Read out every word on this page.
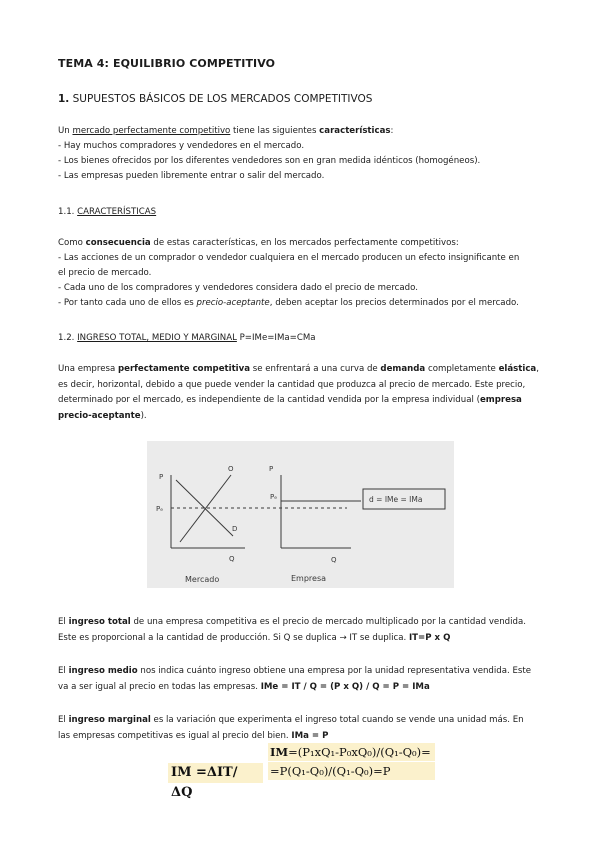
TEMA 4: EQUILIBRIO COMPETITIVO
1. SUPUESTOS BÁSICOS DE LOS MERCADOS COMPETITIVOS
Un mercado perfectamente competitivo tiene las siguientes características:
- Hay muchos compradores y vendedores en el mercado.
- Los bienes ofrecidos por los diferentes vendedores son en gran medida idénticos (homogéneos).
- Las empresas pueden libremente entrar o salir del mercado.
1.1. CARACTERÍSTICAS
Como consecuencia de estas características, en los mercados perfectamente competitivos:
- Las acciones de un comprador o vendedor cualquiera en el mercado producen un efecto insignificante en
el precio de mercado.
- Cada uno de los compradores y vendedores considera dado el precio de mercado.
- Por tanto cada uno de ellos es precio-aceptante, deben aceptar los precios determinados por el mercado.
1.2. INGRESO TOTAL, MEDIO Y MARGINAL P=IMe=IMa=CMa
Una empresa perfectamente competitiva se enfrentará a una curva de demanda completamente elástica,
es decir, horizontal, debido a que puede vender la cantidad que produzca al precio de mercado. Este precio,
determinado por el mercado, es independiente de la cantidad vendida por la empresa individual (empresa
precio-aceptante).
P
O
Pₑ
D
Q
P
Pₑ
Q
d = IMe = IMa
Mercado	Empresa
El ingreso total de una empresa competitiva es el precio de mercado multiplicado por la cantidad vendida.
Este es proporcional a la cantidad de producción. Si Q se duplica → IT se duplica. IT=P x Q
El ingreso medio nos indica cuánto ingreso obtiene una empresa por la unidad representativa vendida. Este
va a ser igual al precio en todas las empresas. IMe = IT / Q = (P x Q) / Q = P = IMa
El ingreso marginal es la variación que experimenta el ingreso total cuando se vende una unidad más. En
las empresas competitivas es igual al precio del bien. IMa = P
IM =ΔIT/ ΔQ
IM=(P₁xQ₁-P₀xQ₀)/(Q₁-Q₀)=
=P(Q₁-Q₀)/(Q₁-Q₀)=P
